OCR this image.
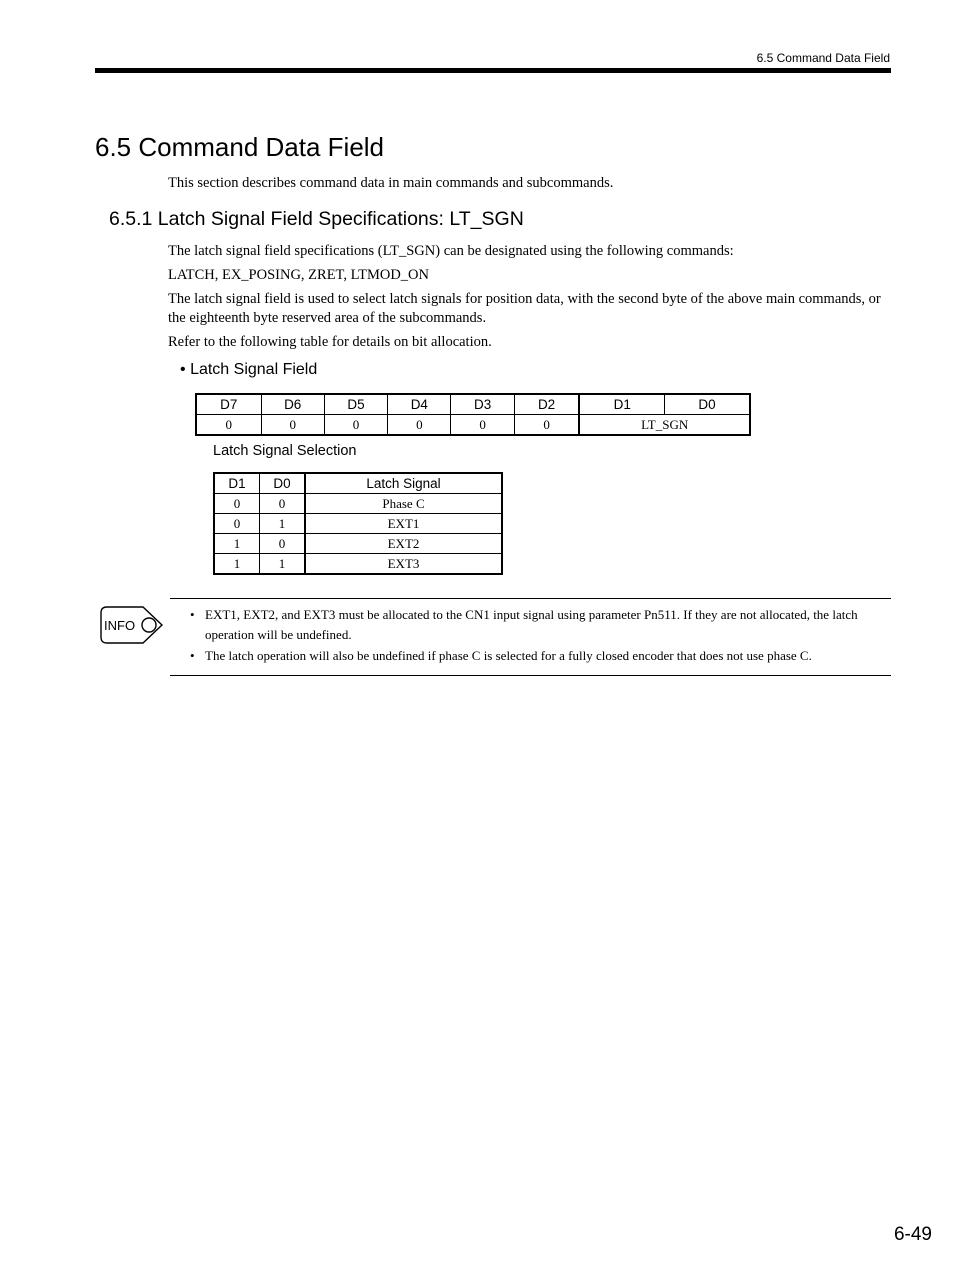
6.5 Command Data Field
6.5 Command Data Field
This section describes command data in main commands and subcommands.
6.5.1 Latch Signal Field Specifications: LT_SGN
The latch signal field specifications (LT_SGN) can be designated using the following commands:
LATCH, EX_POSING, ZRET, LTMOD_ON
The latch signal field is used to select latch signals for position data, with the second byte of the above main commands, or the eighteenth byte reserved area of the subcommands.
Refer to the following table for details on bit allocation.
• Latch Signal Field
D7	D6	D5	D4	D3	D2	D1	D0
0	0	0	0	0	0	LT_SGN	
Latch Signal Selection
D1	D0	Latch Signal
0	0	Phase C
0	1	EXT1
1	0	EXT2
1	1	EXT3
INFO
• EXT1, EXT2, and EXT3 must be allocated to the CN1 input signal using parameter Pn511. If they are not allocated, the latch operation will be undefined.
• The latch operation will also be undefined if phase C is selected for a fully closed encoder that does not use phase C.
6-49
